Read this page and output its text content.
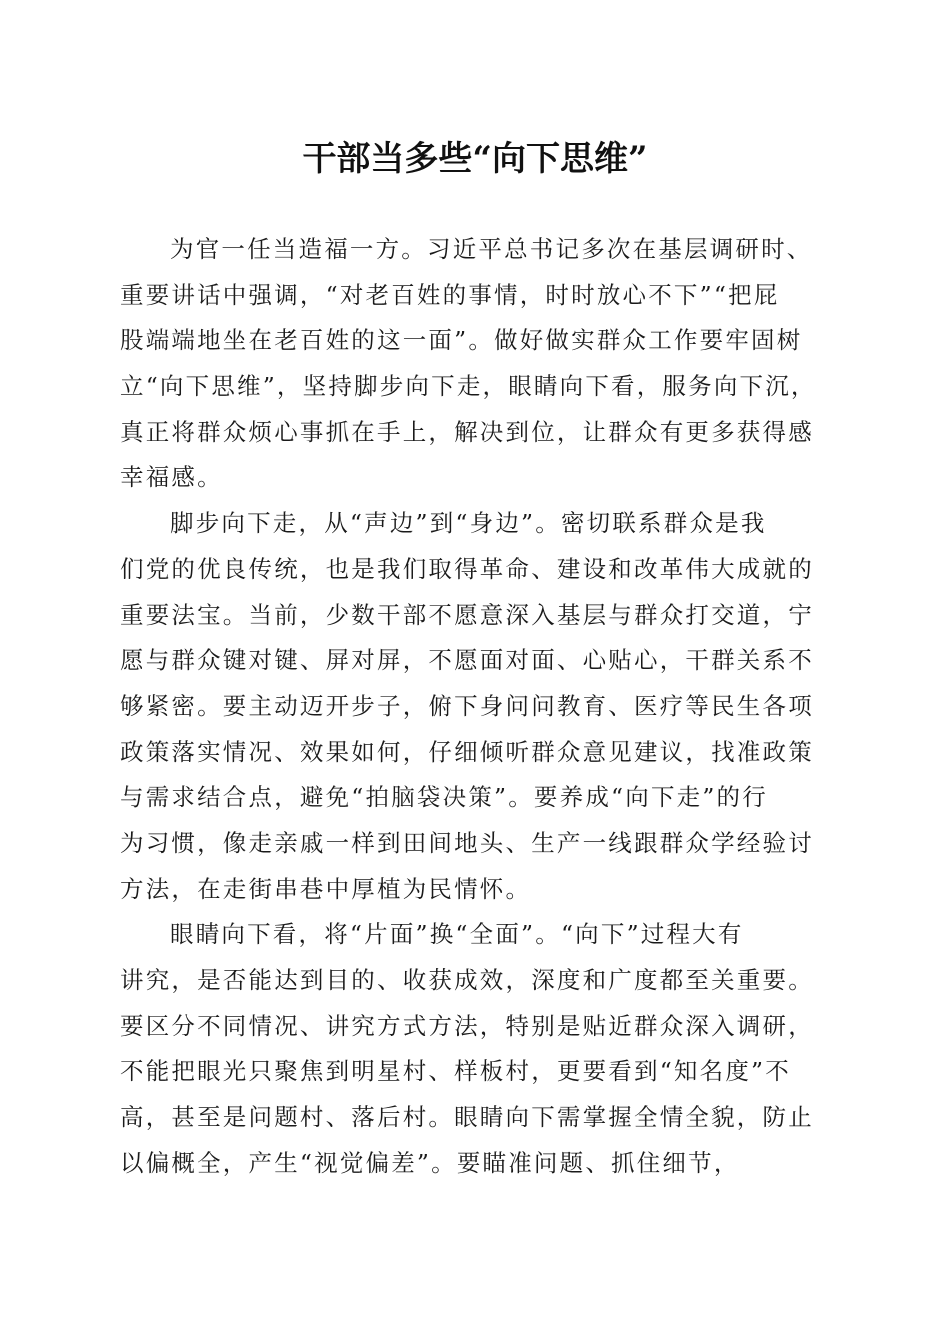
干部当多些“向下思维”
为官一任当造福一方。习近平总书记多次在基层调研时、
重要讲话中强调，“对老百姓的事情，时时放心不下”“把屁
股端端地坐在老百姓的这一面”。做好做实群众工作要牢固树
立“向下思维”，坚持脚步向下走，眼睛向下看，服务向下沉，
真正将群众烦心事抓在手上，解决到位，让群众有更多获得感
幸福感。
脚步向下走，从“声边”到“身边”。密切联系群众是我
们党的优良传统，也是我们取得革命、建设和改革伟大成就的
重要法宝。当前，少数干部不愿意深入基层与群众打交道，宁
愿与群众键对键、屏对屏，不愿面对面、心贴心，干群关系不
够紧密。要主动迈开步子，俯下身问问教育、医疗等民生各项
政策落实情况、效果如何，仔细倾听群众意见建议，找准政策
与需求结合点，避免“拍脑袋决策”。要养成“向下走”的行
为习惯，像走亲戚一样到田间地头、生产一线跟群众学经验讨
方法，在走街串巷中厚植为民情怀。
眼睛向下看，将“片面”换“全面”。“向下”过程大有
讲究，是否能达到目的、收获成效，深度和广度都至关重要。
要区分不同情况、讲究方式方法，特别是贴近群众深入调研，
不能把眼光只聚焦到明星村、样板村，更要看到“知名度”不
高，甚至是问题村、落后村。眼睛向下需掌握全情全貌，防止
以偏概全，产生“视觉偏差”。要瞄准问题、抓住细节，
